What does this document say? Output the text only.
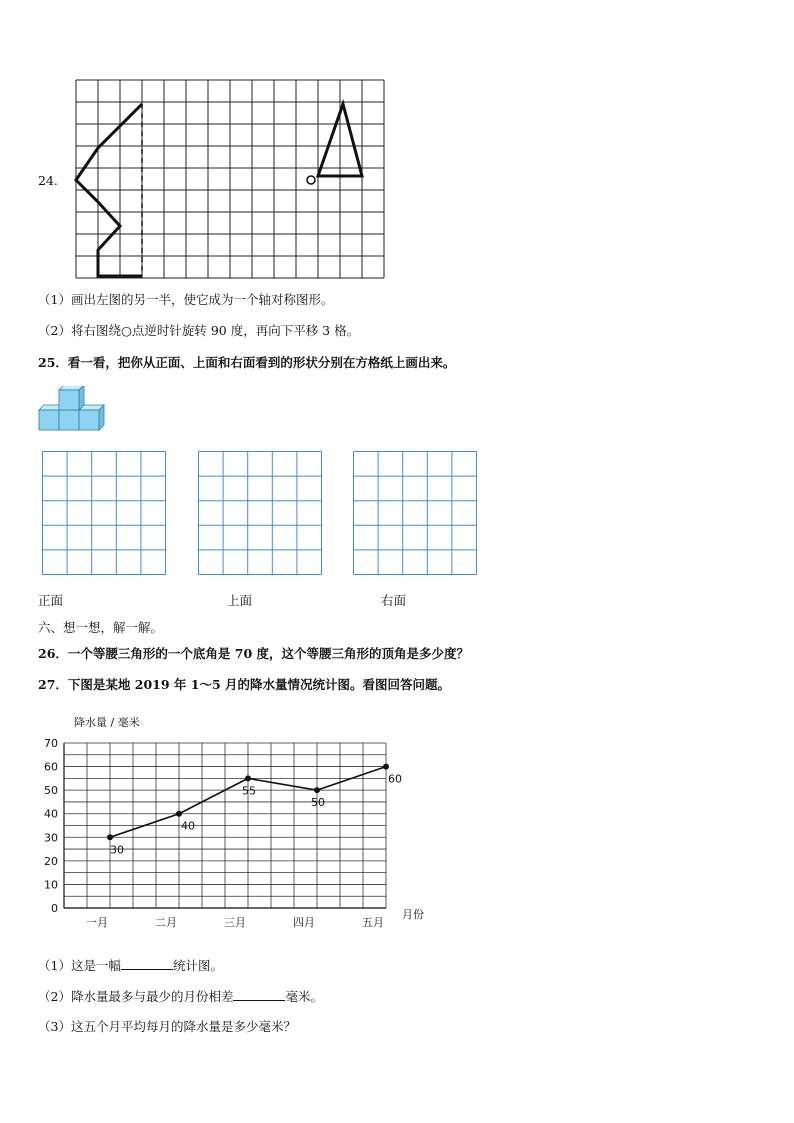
24.
（1）画出左图的另一半，使它成为一个轴对称图形。
（2）将右图绕○点逆时针旋转 90 度，再向下平移 3 格。
25．看一看，把你从正面、上面和右面看到的形状分别在方格纸上画出来。
正面	上面	右面
六、想一想，解一解。
26．一个等腰三角形的一个底角是 70 度，这个等腰三角形的顶角是多少度？
27．下图是某地 2019 年 1～5 月的降水量情况统计图。看图回答问题。
降水量 / 毫米
月份
0
10
20
30
40
50
60
70
一月	二月	三月	四月	五月
30
40
55
50
60
（1）这是一幅	统计图。
（2）降水量最多与最少的月份相差	毫米。
（3）这五个月平均每月的降水量是多少毫米？
